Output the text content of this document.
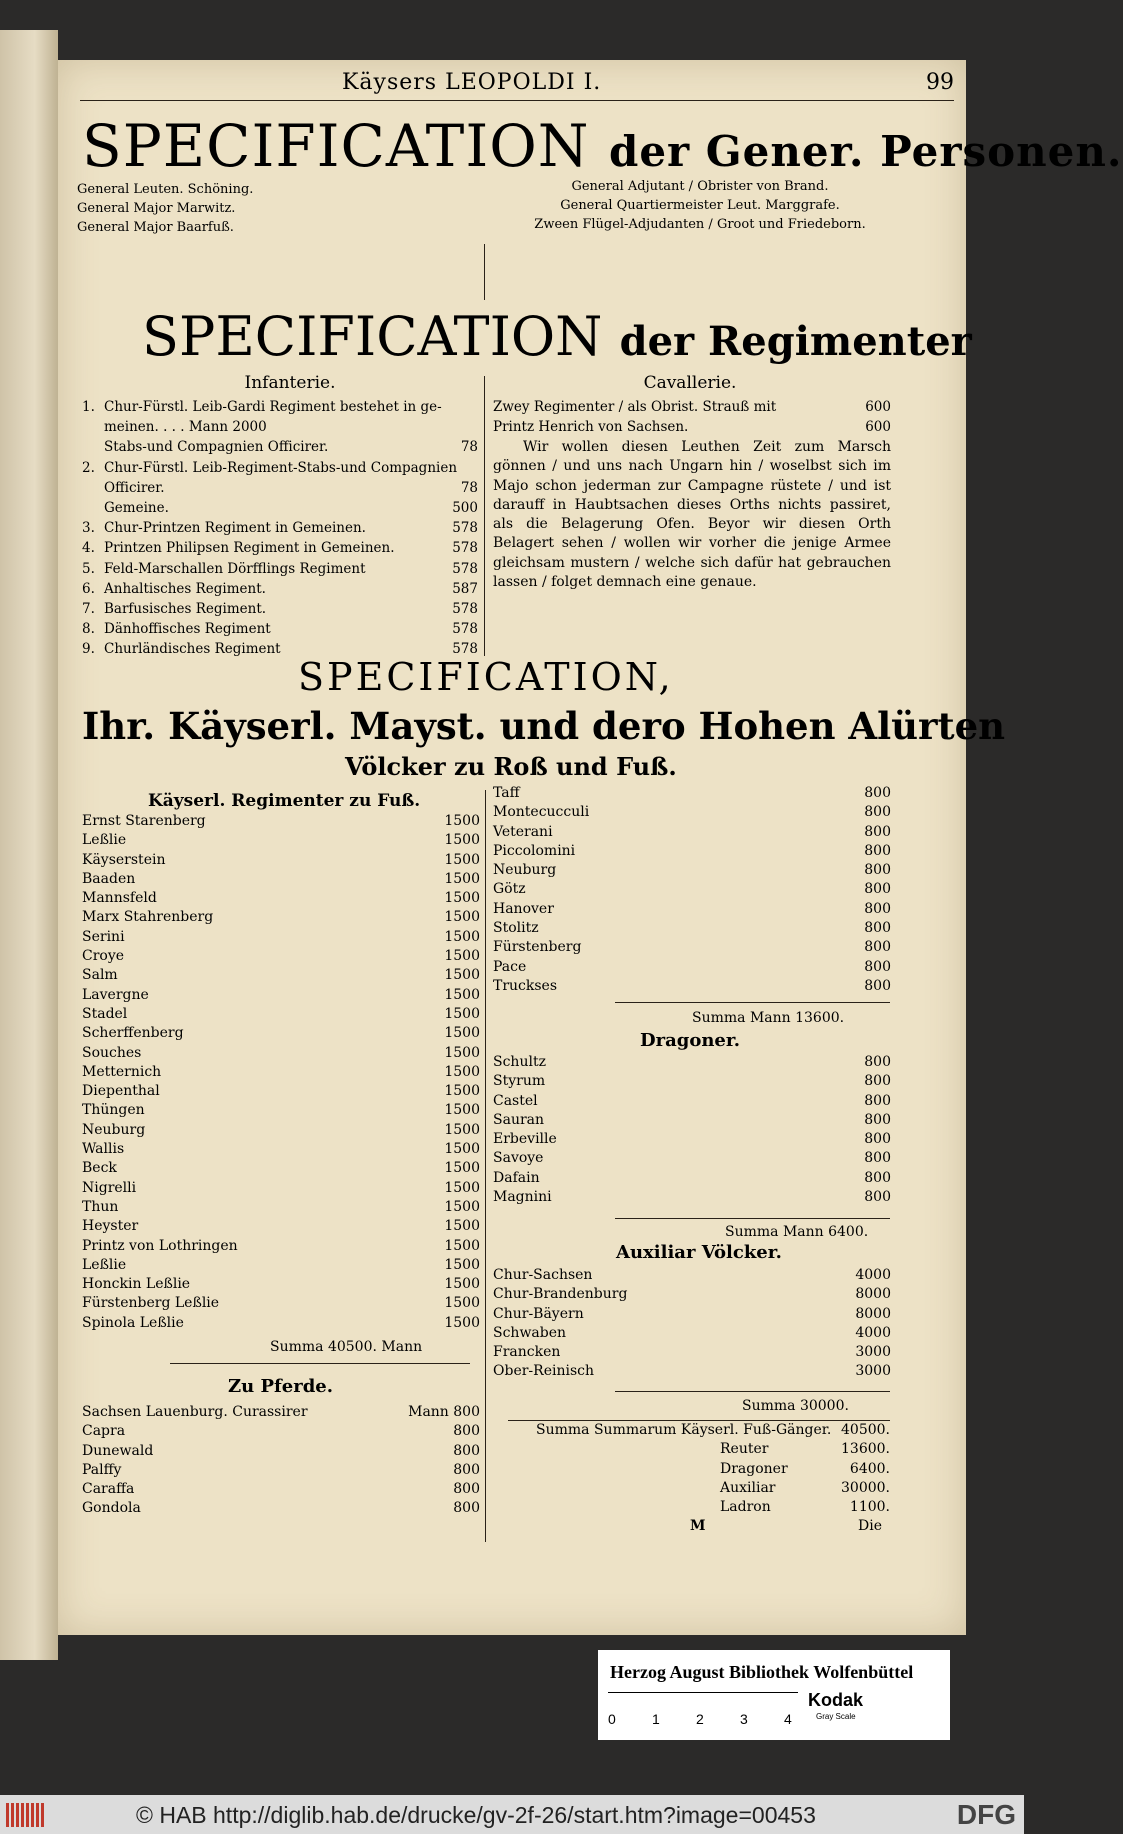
Käysers LEOPOLDI I.	99
SPECIFICATION der Gener. Personen.
General Leuten. Schöning.
General Major Marwitz.
General Major Baarfuß.
General Adjutant / Obrister von Brand.
General Quartiermeister Leut. Marggrafe.
Zween Flügel-Adjudanten / Groot und Friedeborn.
SPECIFICATION der Regimenter
Infanterie.	Cavallerie.
1. Chur-Fürstl. Leib-Gardi Regiment bestehet in ge-
meinen. . . . Mann 2000
Stabs-und Compagnien Officirer.	78
2. Chur-Fürstl. Leib-Regiment-Stabs-und Compagnien
Officirer.	78
Gemeine.	500
3. Chur-Printzen Regiment in Gemeinen.	578
4. Printzen Philipsen Regiment in Gemeinen.	578
5. Feld-Marschallen Dörfflings Regiment	578
6. Anhaltisches Regiment.	587
7. Barfusisches Regiment.	578
8. Dänhoffisches Regiment	578
9. Churländisches Regiment	578
Zwey Regimenter / als Obrist. Strauß mit	600
Printz Henrich von Sachsen.	600
Wir wollen diesen Leuthen Zeit zum Marsch gönnen / und uns nach Ungarn hin / woselbst sich im Majo schon jederman zur Campagne rüstete / und ist darauff in Haubtsachen dieses Orths nichts passiret, als die Belagerung Ofen. Beyor wir diesen Orth Belagert sehen / wollen wir vorher die jenige Armee gleichsam mustern / welche sich dafür hat gebrauchen lassen / folget demnach eine genaue.
SPECIFICATION,
Ihr. Käyserl. Mayst. und dero Hohen Alürten
Völcker zu Roß und Fuß.
Käyserl. Regimenter zu Fuß.
Ernst Starenberg	1500
Leßlie	1500
Käyserstein	1500
Baaden	1500
Mannsfeld	1500
Marx Stahrenberg	1500
Serini	1500
Croye	1500
Salm	1500
Lavergne	1500
Stadel	1500
Scherffenberg	1500
Souches	1500
Metternich	1500
Diepenthal	1500
Thüngen	1500
Neuburg	1500
Wallis	1500
Beck	1500
Nigrelli	1500
Thun	1500
Heyster	1500
Printz von Lothringen	1500
Leßlie	1500
Honckin Leßlie	1500
Fürstenberg Leßlie	1500
Spinola Leßlie	1500
Summa 40500. Mann
Zu Pferde.
Sachsen Lauenburg. Curassirer	Mann 800
Capra	800
Dunewald	800
Palffy	800
Caraffa	800
Gondola	800
Taff	800
Montecucculi	800
Veterani	800
Piccolomini	800
Neuburg	800
Götz	800
Hanover	800
Stolitz	800
Fürstenberg	800
Pace	800
Truckses	800
Summa Mann 13600.
Dragoner.
Schultz	800
Styrum	800
Castel	800
Sauran	800
Erbeville	800
Savoye	800
Dafain	800
Magnini	800
Summa Mann 6400.
Auxiliar Völcker.
Chur-Sachsen	4000
Chur-Brandenburg	8000
Chur-Bäyern	8000
Schwaben	4000
Francken	3000
Ober-Reinisch	3000
Summa 30000.
Summa Summarum Käyserl. Fuß-Gänger. 40500.
Reuter	13600.
Dragoner	6400.
Auxiliar	30000.
Ladron	1100.
M	Die
Herzog August Bibliothek Wolfenbüttel
0	1	2	3	4
Kodak
Gray Scale
© HAB http://diglib.hab.de/drucke/gv-2f-26/start.htm?image=00453	DFG
